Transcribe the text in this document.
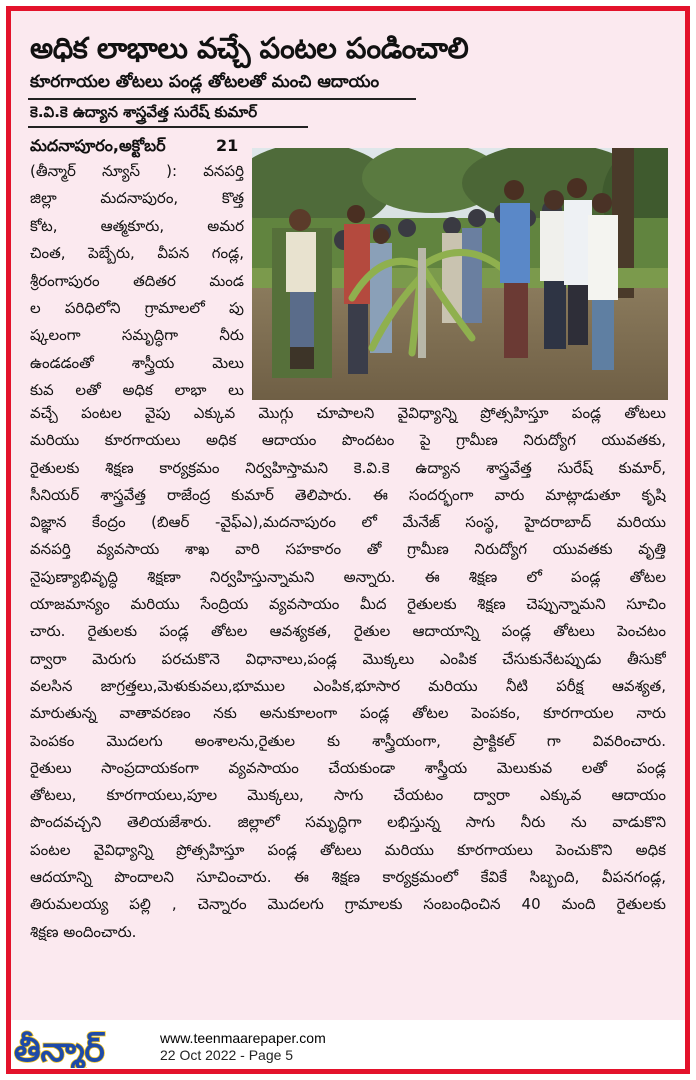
అధిక లాభాలు వచ్చే పంటల పండించాలి
కూరగాయల తోటలు పండ్ల తోటలతో మంచి ఆదాయం
కె.వి.కె ఉద్యాన శాస్త్రవేత్త సురేష్ కుమార్
మదనాపూరం,అక్టోబర్	21
(తీన్మార్ న్యూస్ ): వనపర్తి
జిల్లా మదనాపురం, కొత్త
కోట, ఆత్మకూరు, అమర
చింత, పెబ్బేరు, వీపన గండ్ల,
శ్రీరంగాపురం తదితర మండ
ల పరిధిలోని గ్రామాలలో పు
ష్కలంగా సమృద్ధిగా నీరు
ఉండడంతో శాస్త్రీయ మెలు
కువ లతో అధిక లాభా లు
వచ్చే పంటల వైపు ఎక్కువ మొగ్గు చూపాలని వైవిధ్యాన్ని ప్రోత్సహిస్తూ పండ్ల తోటలు
మరియు కూరగాయలు అధిక ఆదాయం పొందటం పై గ్రామీణ నిరుద్యోగ యువతకు,
రైతులకు శిక్షణ కార్యక్రమం నిర్వహిస్తామని కె.వి.కె ఉద్యాన శాస్త్రవేత్త సురేష్ కుమార్,
సీనియర్ శాస్త్రవేత్త రాజేంద్ర కుమార్ తెలిపారు. ఈ సందర్భంగా వారు మాట్లాడుతూ కృషి
విజ్ఞాన కేంద్రం (బిఆర్ -వైఫ్ఎ),మదనాపురం లో మేనేజ్ సంస్థ, హైదరాబాద్ మరియు
వనపర్తి వ్యవసాయ శాఖ వారి సహకారం తో గ్రామీణ నిరుద్యోగ యువతకు వృత్తి
నైపుణ్యాభివృద్ధి శిక్షణా నిర్వహిస్తున్నామని అన్నారు. ఈ శిక్షణ లో పండ్ల తోటల
యాజమాన్యం మరియు సేంద్రియ వ్యవసాయం మీద రైతులకు శిక్షణ చెప్పున్నామని సూచిం
చారు. రైతులకు పండ్ల తోటల ఆవశ్యకత, రైతుల ఆదాయాన్ని పండ్ల తోటలు పెంచటం
ద్వారా మెరుగు పరచుకొనె విధానాలు,పండ్ల మొక్కలు ఎంపిక చేసుకునేటప్పుడు తీసుకో
వలసిన జాగ్రత్తలు,మెళుకువలు,భూముల ఎంపిక,భూసార మరియు నీటి పరీక్ష ఆవశ్యత,
మారుతున్న వాతావరణం నకు అనుకూలంగా పండ్ల తోటల పెంపకం, కూరగాయల నారు
పెంపకం మొదలగు అంశాలను,రైతుల కు శాస్త్రీయంగా, ప్రాక్టికల్ గా వివరించారు.
రైతులు సాంప్రదాయకంగా వ్యవసాయం చేయకుండా శాస్త్రీయ మెలుకువ లతో పండ్ల
తోటలు, కూరగాయలు,పూల మొక్కలు, సాగు చేయటం ద్వారా ఎక్కువ ఆదాయం
పొందవచ్చని తెలియజేశారు. జిల్లాలో సమృద్ధిగా లభిస్తున్న సాగు నీరు ను వాడుకొని
పంటల వైవిధ్యాన్ని ప్రోత్సహిస్తూ పండ్ల తోటలు మరియు కూరగాయలు పెంచుకొని అధిక
ఆదయాన్ని పొందాలని సూచించారు. ఈ శిక్షణ కార్యక్రమంలో కేవికే సిబ్బంది, వీపనగండ్ల,
తిరుమలయ్య పల్లి , చెన్నారం మొదలగు గ్రామాలకు సంబంధించిన 40 మంది రైతులకు
శిక్షణ అందించారు.
తీన్మార్	www.teenmaarepaper.com
22 Oct 2022 - Page 5
